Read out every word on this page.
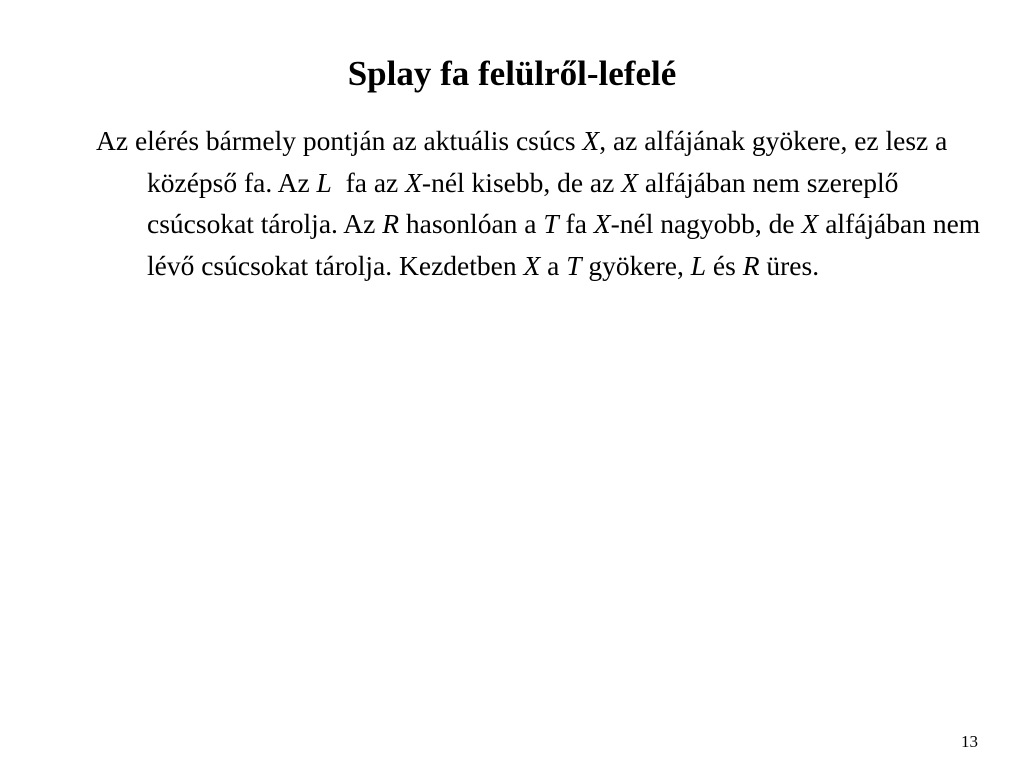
Splay fa felülről-lefelé

Az elérés bármely pontján az aktuális csúcs X, az alfájának gyökere, ez lesz a középső fa. Az L  fa az X-nél kisebb, de az X alfájában nem szereplő csúcsokat tárolja. Az R hasonlóan a T fa X-nél nagyobb, de X alfájában nem lévő csúcsokat tárolja. Kezdetben X a T gyökere, L és R üres.

13
